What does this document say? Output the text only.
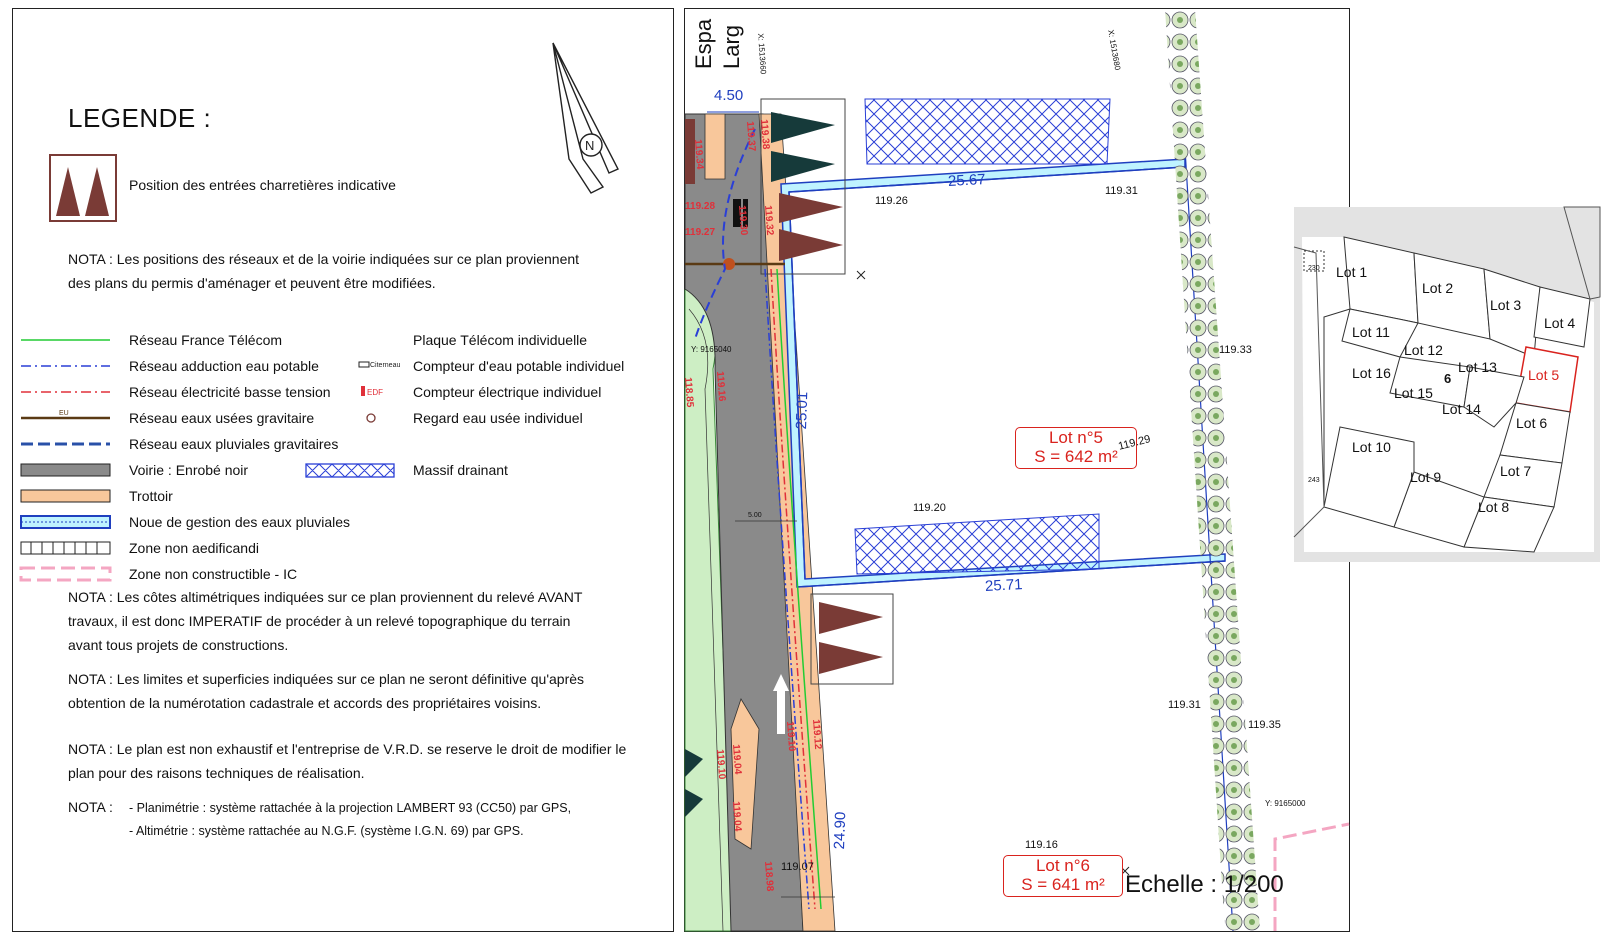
N
EU
Citerneau
EDF
LEGENDE :
Position des entrées charretières indicative
NOTA : Les positions des réseaux et de la voirie indiquées sur ce plan proviennent
des plans du permis d'aménager et peuvent être modifiées.
Réseau France Télécom
Réseau adduction eau potable
Réseau électricité basse tension
Réseau eaux usées gravitaire
Réseau eaux pluviales gravitaires
Voirie : Enrobé noir
Trottoir
Noue de gestion des eaux pluviales
Zone non aedificandi
Zone non constructible - IC
Plaque Télécom individuelle
Compteur d'eau potable individuel
Compteur électrique individuel
Regard eau usée individuel
Massif drainant
NOTA : Les côtes altimétriques indiquées sur ce plan proviennent du relevé AVANT
travaux, il est donc IMPERATIF de procéder à un relevé topographique du terrain
avant tous projets de constructions.
NOTA : Les limites et superficies indiquées sur ce plan ne seront définitive qu'après
obtention de la numérotation cadastrale et accords des propriétaires voisins.
NOTA : Le plan est non exhaustif et l'entreprise de V.R.D. se reserve le droit de modifier le
plan pour des raisons techniques de réalisation.
NOTA : - Planimétrie : système rattachée à la projection LAMBERT 93 (CC50) par GPS,
- Altimétrie : système rattachée au N.G.F. (système I.G.N. 69) par GPS.
Espa Larg
4.50
25.67
25.01
25.71
24.90
5.00
119.26
119.31
119.33
119.29
119.20
119.31
119.35
119.16
119.38
119.37
119.34
119.28
119.27	119.32
119.30
119.16
118.85
119.04
119.10
119.04
119.12
119.10
118.98 119.07
X: 1513660	X: 1513680
Y: 9165040
Y: 9165000
Lot n°5
S = 642 m²
Lot n°6
S = 641 m² Echelle : 1/200
Lot 1
Lot 2
Lot 3
Lot 4
Lot 5
Lot 6
Lot 7
Lot 8
Lot 9
Lot 10
Lot 11
Lot 12
Lot 13
Lot 14
Lot 15
Lot 16
243
230
6
